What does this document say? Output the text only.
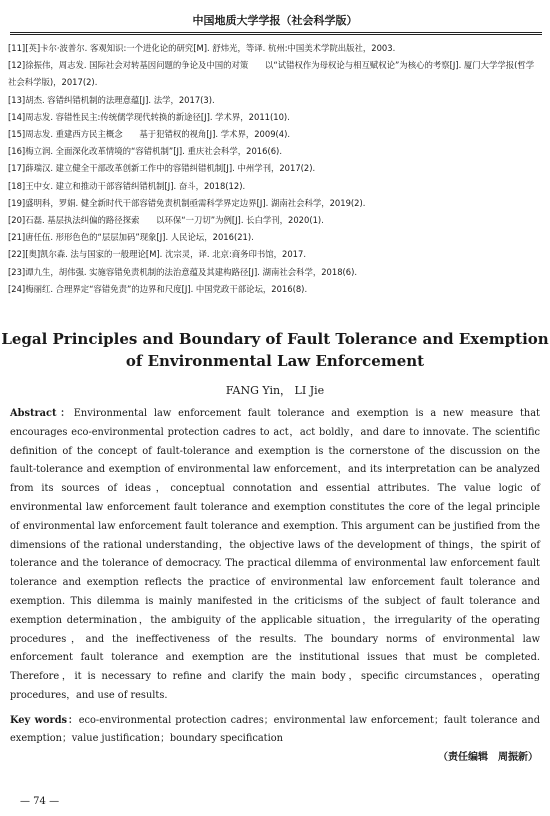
中国地质大学学报（社会科学版）
[11][英]卡尔·波普尔. 客观知识:一个进化论的研究[M]. 舒炜光，等译. 杭州:中国美术学院出版社，2003.
[12]徐振伟，周志发. 国际社会对转基因问题的争论及中国的对策　　以“试错权作为母权论与相互赋权论”为核心的考察[J]. 厦门大学学报(哲学社会科学版)，2017(2).
[13]胡杰. 容错纠错机制的法理意蕴[J]. 法学，2017(3).
[14]周志发. 容错性民主:传统儒学现代转换的新途径[J]. 学术界，2011(10).
[15]周志发. 重建西方民主概念　　基于犯错权的视角[J]. 学术界，2009(4).
[16]梅立润. 全面深化改革情境的“容错机制”[J]. 重庆社会科学，2016(6).
[17]薛瑞汉. 建立健全干部改革创新工作中的容错纠错机制[J]. 中州学刊，2017(2).
[18]王中女. 建立和推动干部容错纠错机制[J]. 奋斗，2018(12).
[19]盛明科，罗娟. 健全新时代干部容错免责机制亟需科学界定边界[J]. 湖南社会科学，2019(2).
[20]石磊. 基层执法纠偏的路径探索　　以环保“一刀切”为例[J]. 长白学刊，2020(1).
[21]唐任伍. 形形色色的“层层加码”现象[J]. 人民论坛，2016(21).
[22][奥]凯尔森. 法与国家的一般理论[M]. 沈宗灵，译. 北京:商务印书馆，2017.
[23]谭九生，胡伟强. 实施容错免责机制的法治意蕴及其建构路径[J]. 湖南社会科学，2018(6).
[24]梅丽红. 合理界定“容错免责”的边界和尺度[J]. 中国党政干部论坛，2016(8).
Legal Principles and Boundary of Fault Tolerance and Exemption
of Environmental Law Enforcement
FANG Yin， LI Jie
Abstract：Environmental law enforcement fault tolerance and exemption is a new measure that encourages eco-environmental protection cadres to act，act boldly，and dare to innovate. The scientific definition of the concept of fault-tolerance and exemption is the cornerstone of the discussion on the fault-tolerance and exemption of environmental law enforcement，and its interpretation can be analyzed from its sources of ideas，conceptual connotation and essential attributes. The value logic of environmental law enforcement fault tolerance and exemption constitutes the core of the legal principle of environmental law enforcement fault tolerance and exemption. This argument can be justified from the dimensions of the rational understanding，the objective laws of the development of things，the spirit of tolerance and the tolerance of democracy. The practical dilemma of environmental law enforcement fault tolerance and exemption reflects the practice of environmental law enforcement fault tolerance and exemption. This dilemma is mainly manifested in the criticisms of the subject of fault tolerance and exemption determination，the ambiguity of the applicable situation，the irregularity of the operating procedures，and the ineffectiveness of the results. The boundary norms of environmental law enforcement fault tolerance and exemption are the institutional issues that must be completed.　Therefore，it is necessary to refine and clarify the main body，specific circumstances，operating procedures，and use of results.
Key words：eco-environmental protection cadres；environmental law enforcement；fault tolerance and exemption；value justification；boundary specification
（责任编辑　周振新）
— 74 —
